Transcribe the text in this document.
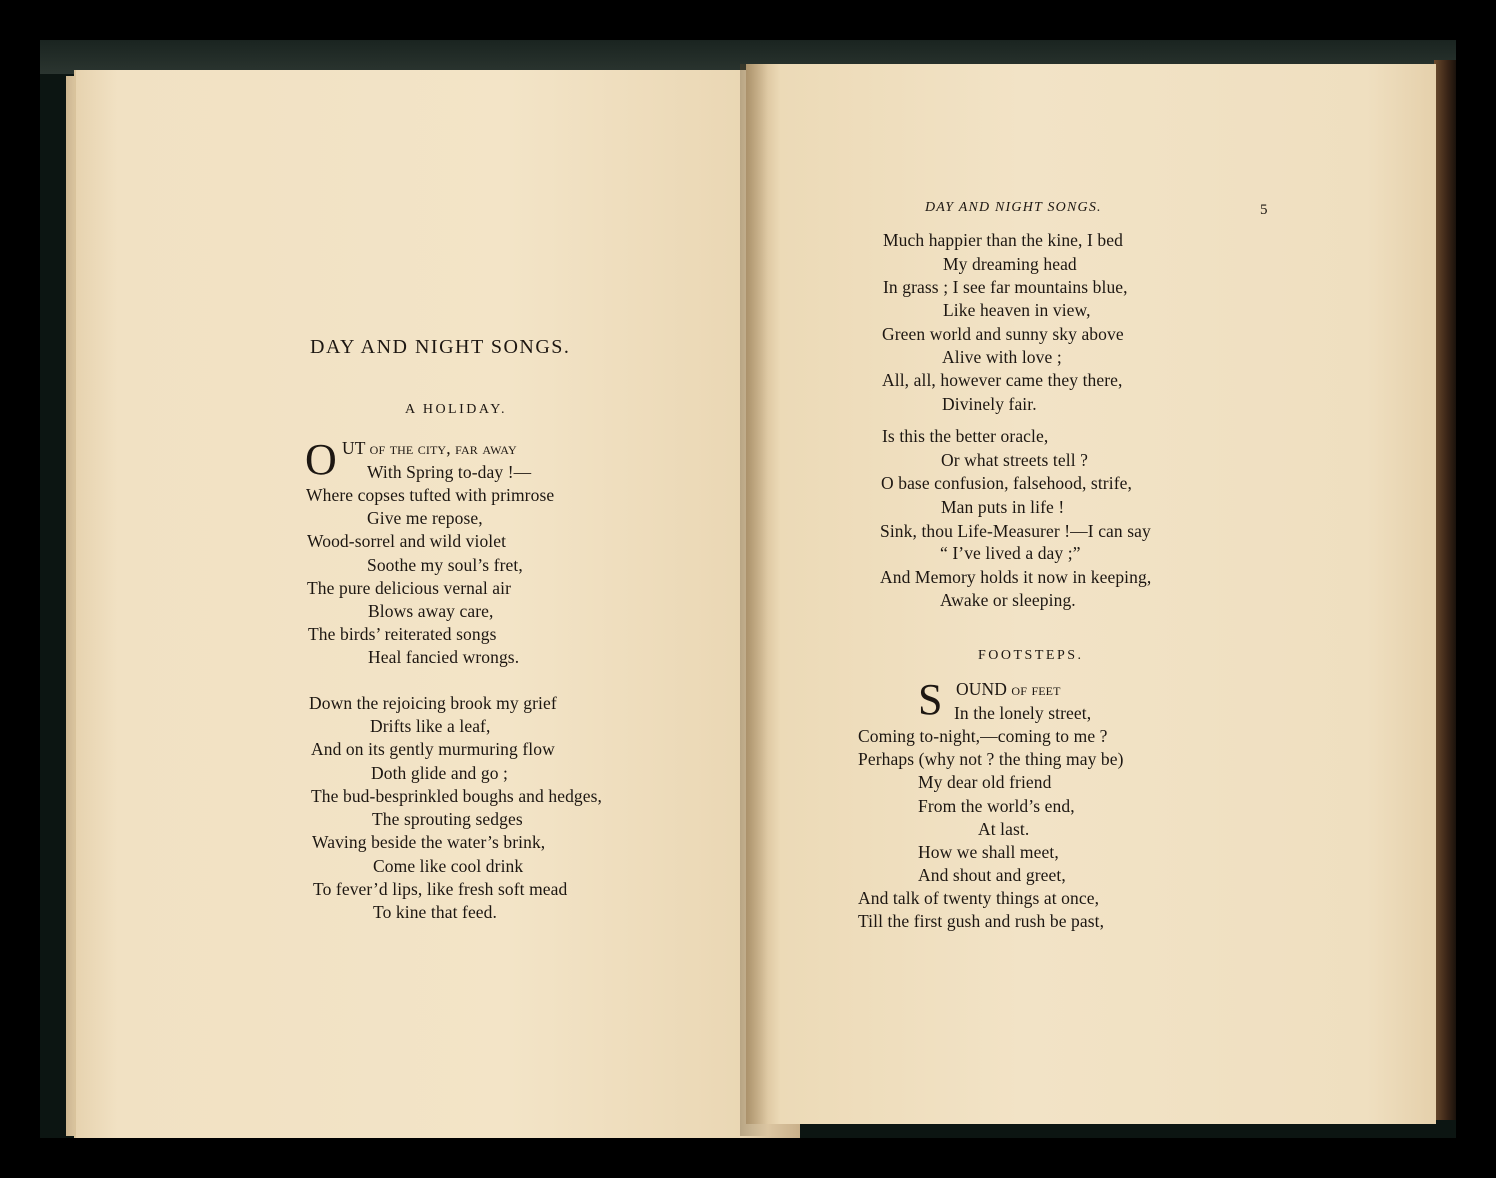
DAY AND NIGHT SONGS.
A HOLIDAY.
O UT of the city, far away
With Spring to-day !—
Where copses tufted with primrose
Give me repose,
Wood-sorrel and wild violet
Soothe my soul’s fret,
The pure delicious vernal air
Blows away care,
The birds’ reiterated songs
Heal fancied wrongs.
Down the rejoicing brook my grief
Drifts like a leaf,
And on its gently murmuring flow
Doth glide and go ;
The bud-besprinkled boughs and hedges,
The sprouting sedges
Waving beside the water’s brink,
Come like cool drink
To fever’d lips, like fresh soft mead
To kine that feed.
DAY AND NIGHT SONGS.	5
Much happier than the kine, I bed
My dreaming head
In grass ; I see far mountains blue,
Like heaven in view,
Green world and sunny sky above
Alive with love ;
All, all, however came they there,
Divinely fair.
Is this the better oracle,
Or what streets tell ?
O base confusion, falsehood, strife,
Man puts in life !
Sink, thou Life-Measurer !—I can say
“ I’ve lived a day ;”
And Memory holds it now in keeping,
Awake or sleeping.
FOOTSTEPS.
S OUND of feet
In the lonely street,
Coming to-night,—coming to me ?
Perhaps (why not ? the thing may be)
My dear old friend
From the world’s end,
At last.
How we shall meet,
And shout and greet,
And talk of twenty things at once,
Till the first gush and rush be past,
